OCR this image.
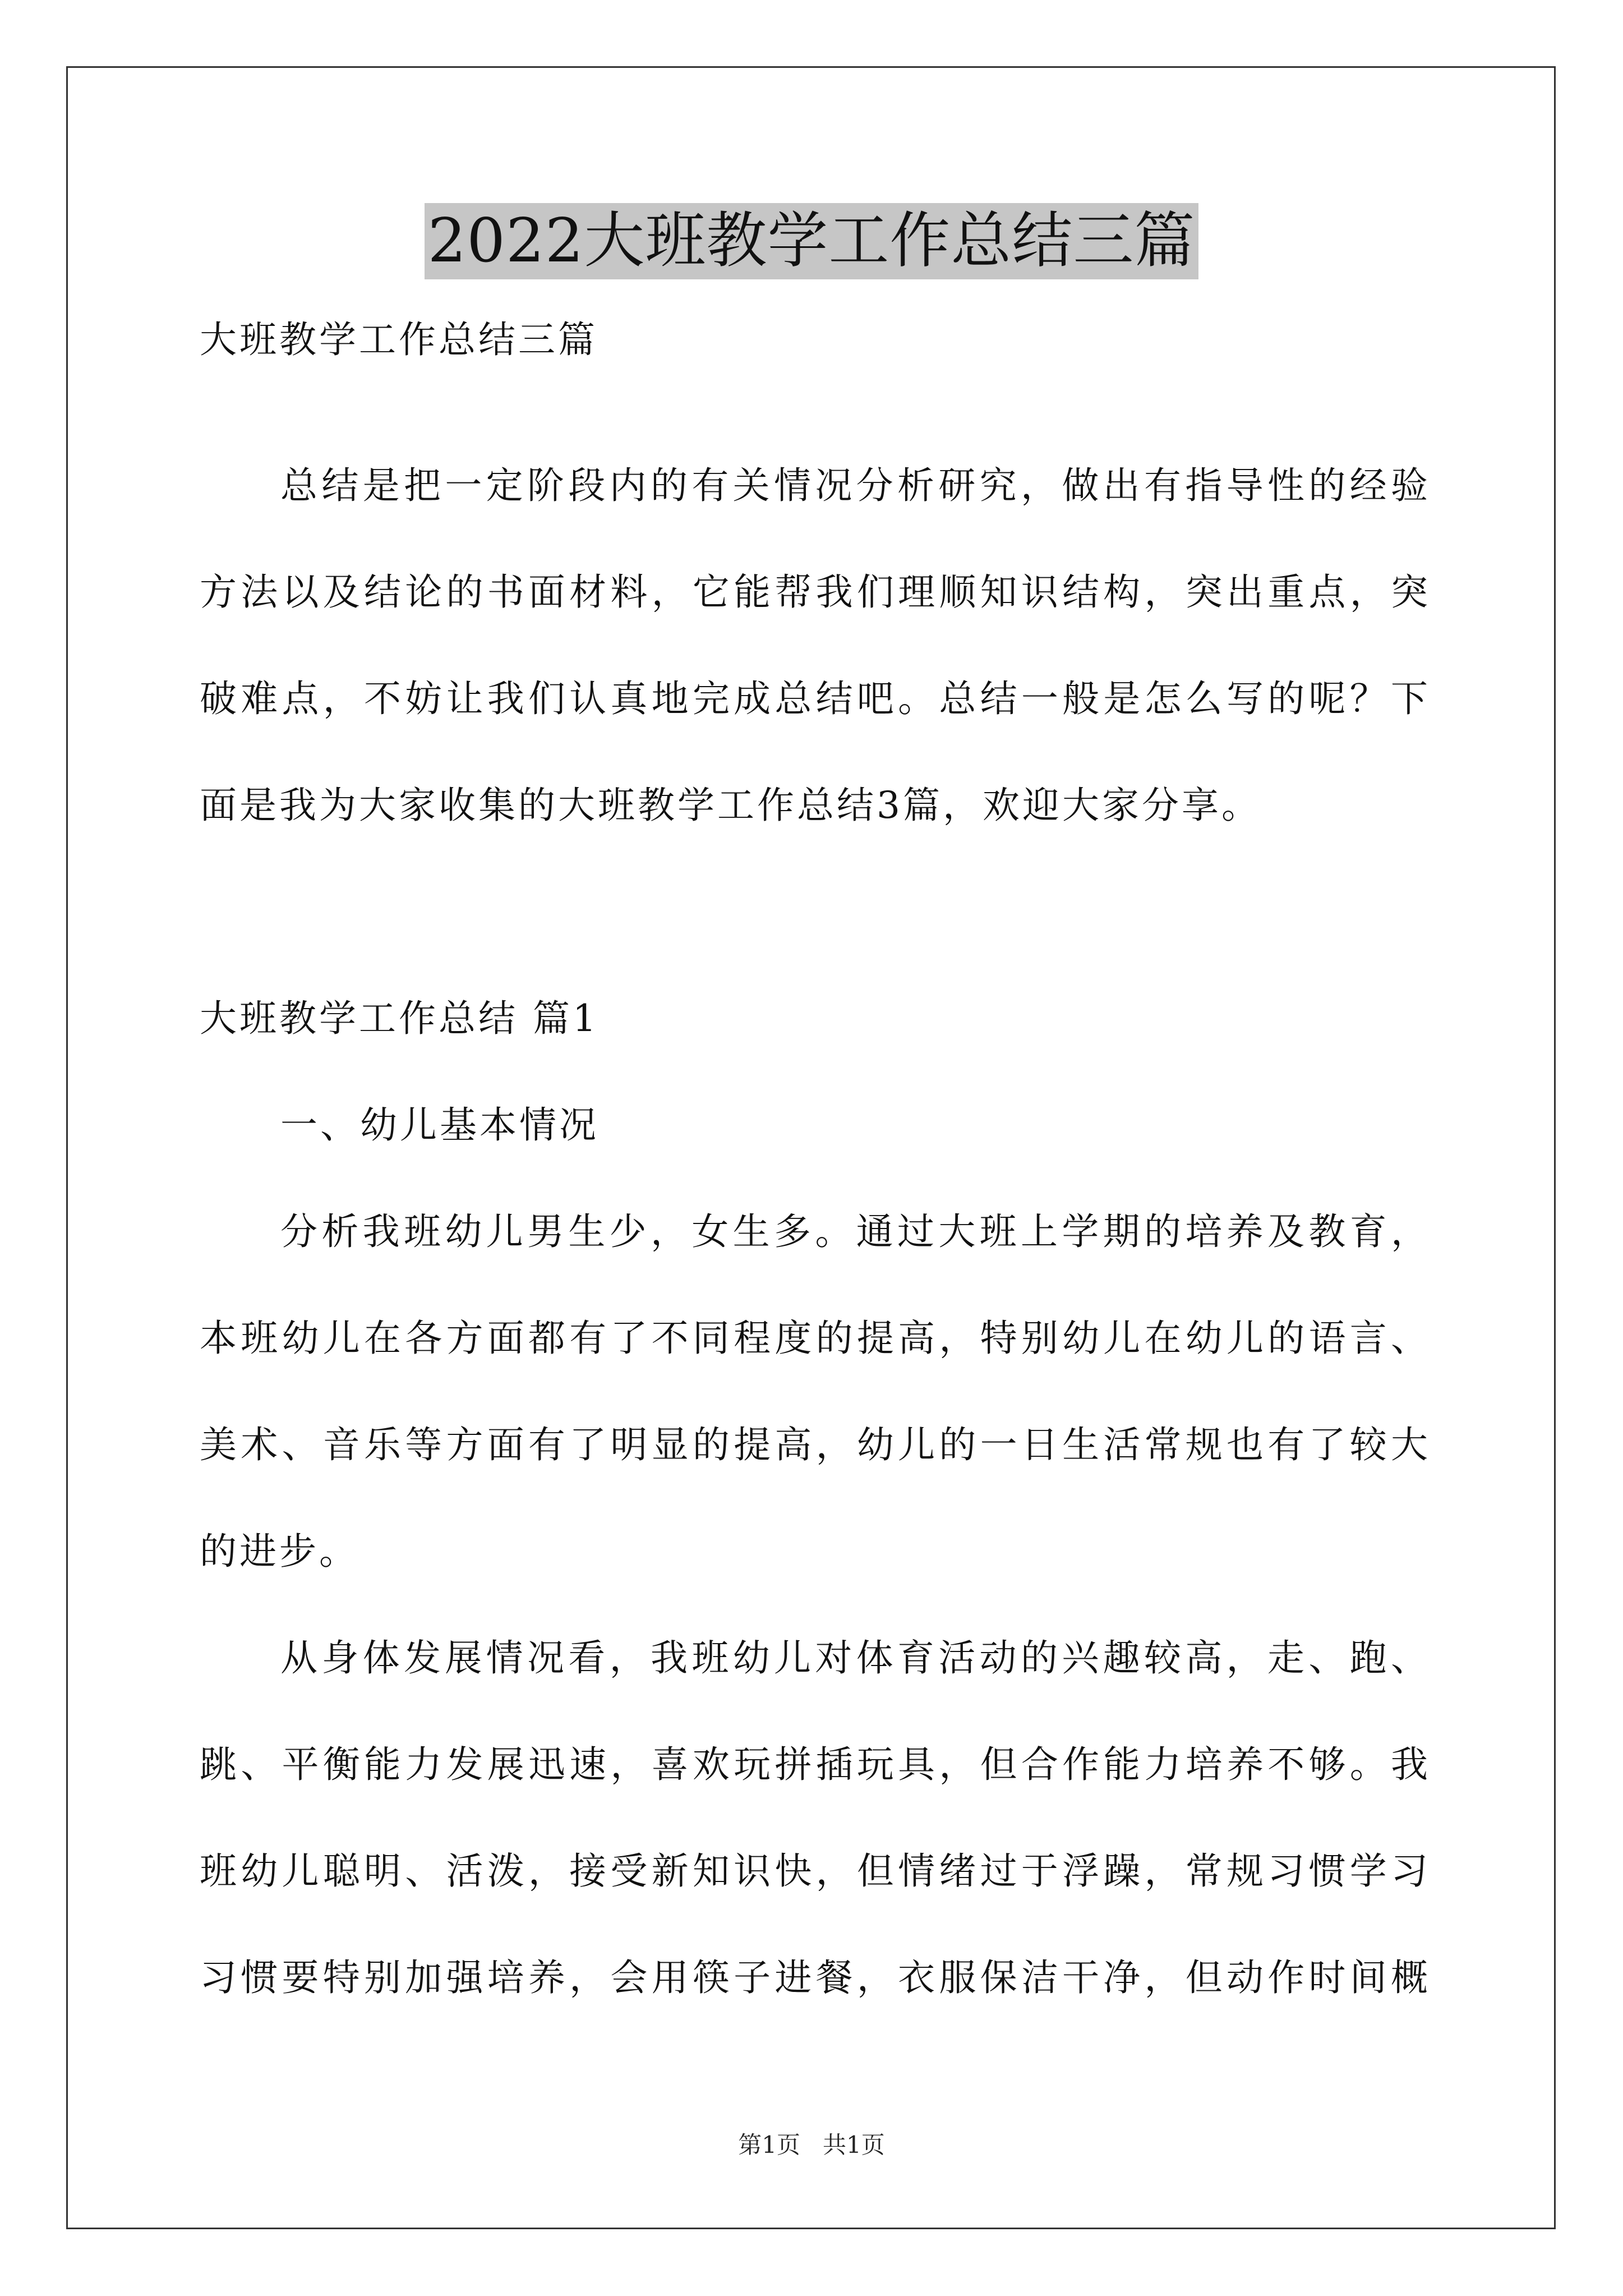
2022大班教学工作总结三篇
大班教学工作总结三篇
总结是把一定阶段内的有关情况分析研究，做出有指导性的经验
方法以及结论的书面材料，它能帮我们理顺知识结构，突出重点，突
破难点，不妨让我们认真地完成总结吧。总结一般是怎么写的呢？下
面是我为大家收集的大班教学工作总结3篇，欢迎大家分享。
大班教学工作总结 篇1
一、幼儿基本情况
分析我班幼儿男生少，女生多。通过大班上学期的培养及教育，
本班幼儿在各方面都有了不同程度的提高，特别幼儿在幼儿的语言、
美术、音乐等方面有了明显的提高，幼儿的一日生活常规也有了较大
的进步。
从身体发展情况看，我班幼儿对体育活动的兴趣较高，走、跑、
跳、平衡能力发展迅速，喜欢玩拼插玩具，但合作能力培养不够。我
班幼儿聪明、活泼，接受新知识快，但情绪过于浮躁，常规习惯学习
习惯要特别加强培养，会用筷子进餐，衣服保洁干净，但动作时间概
第1页   共1页
